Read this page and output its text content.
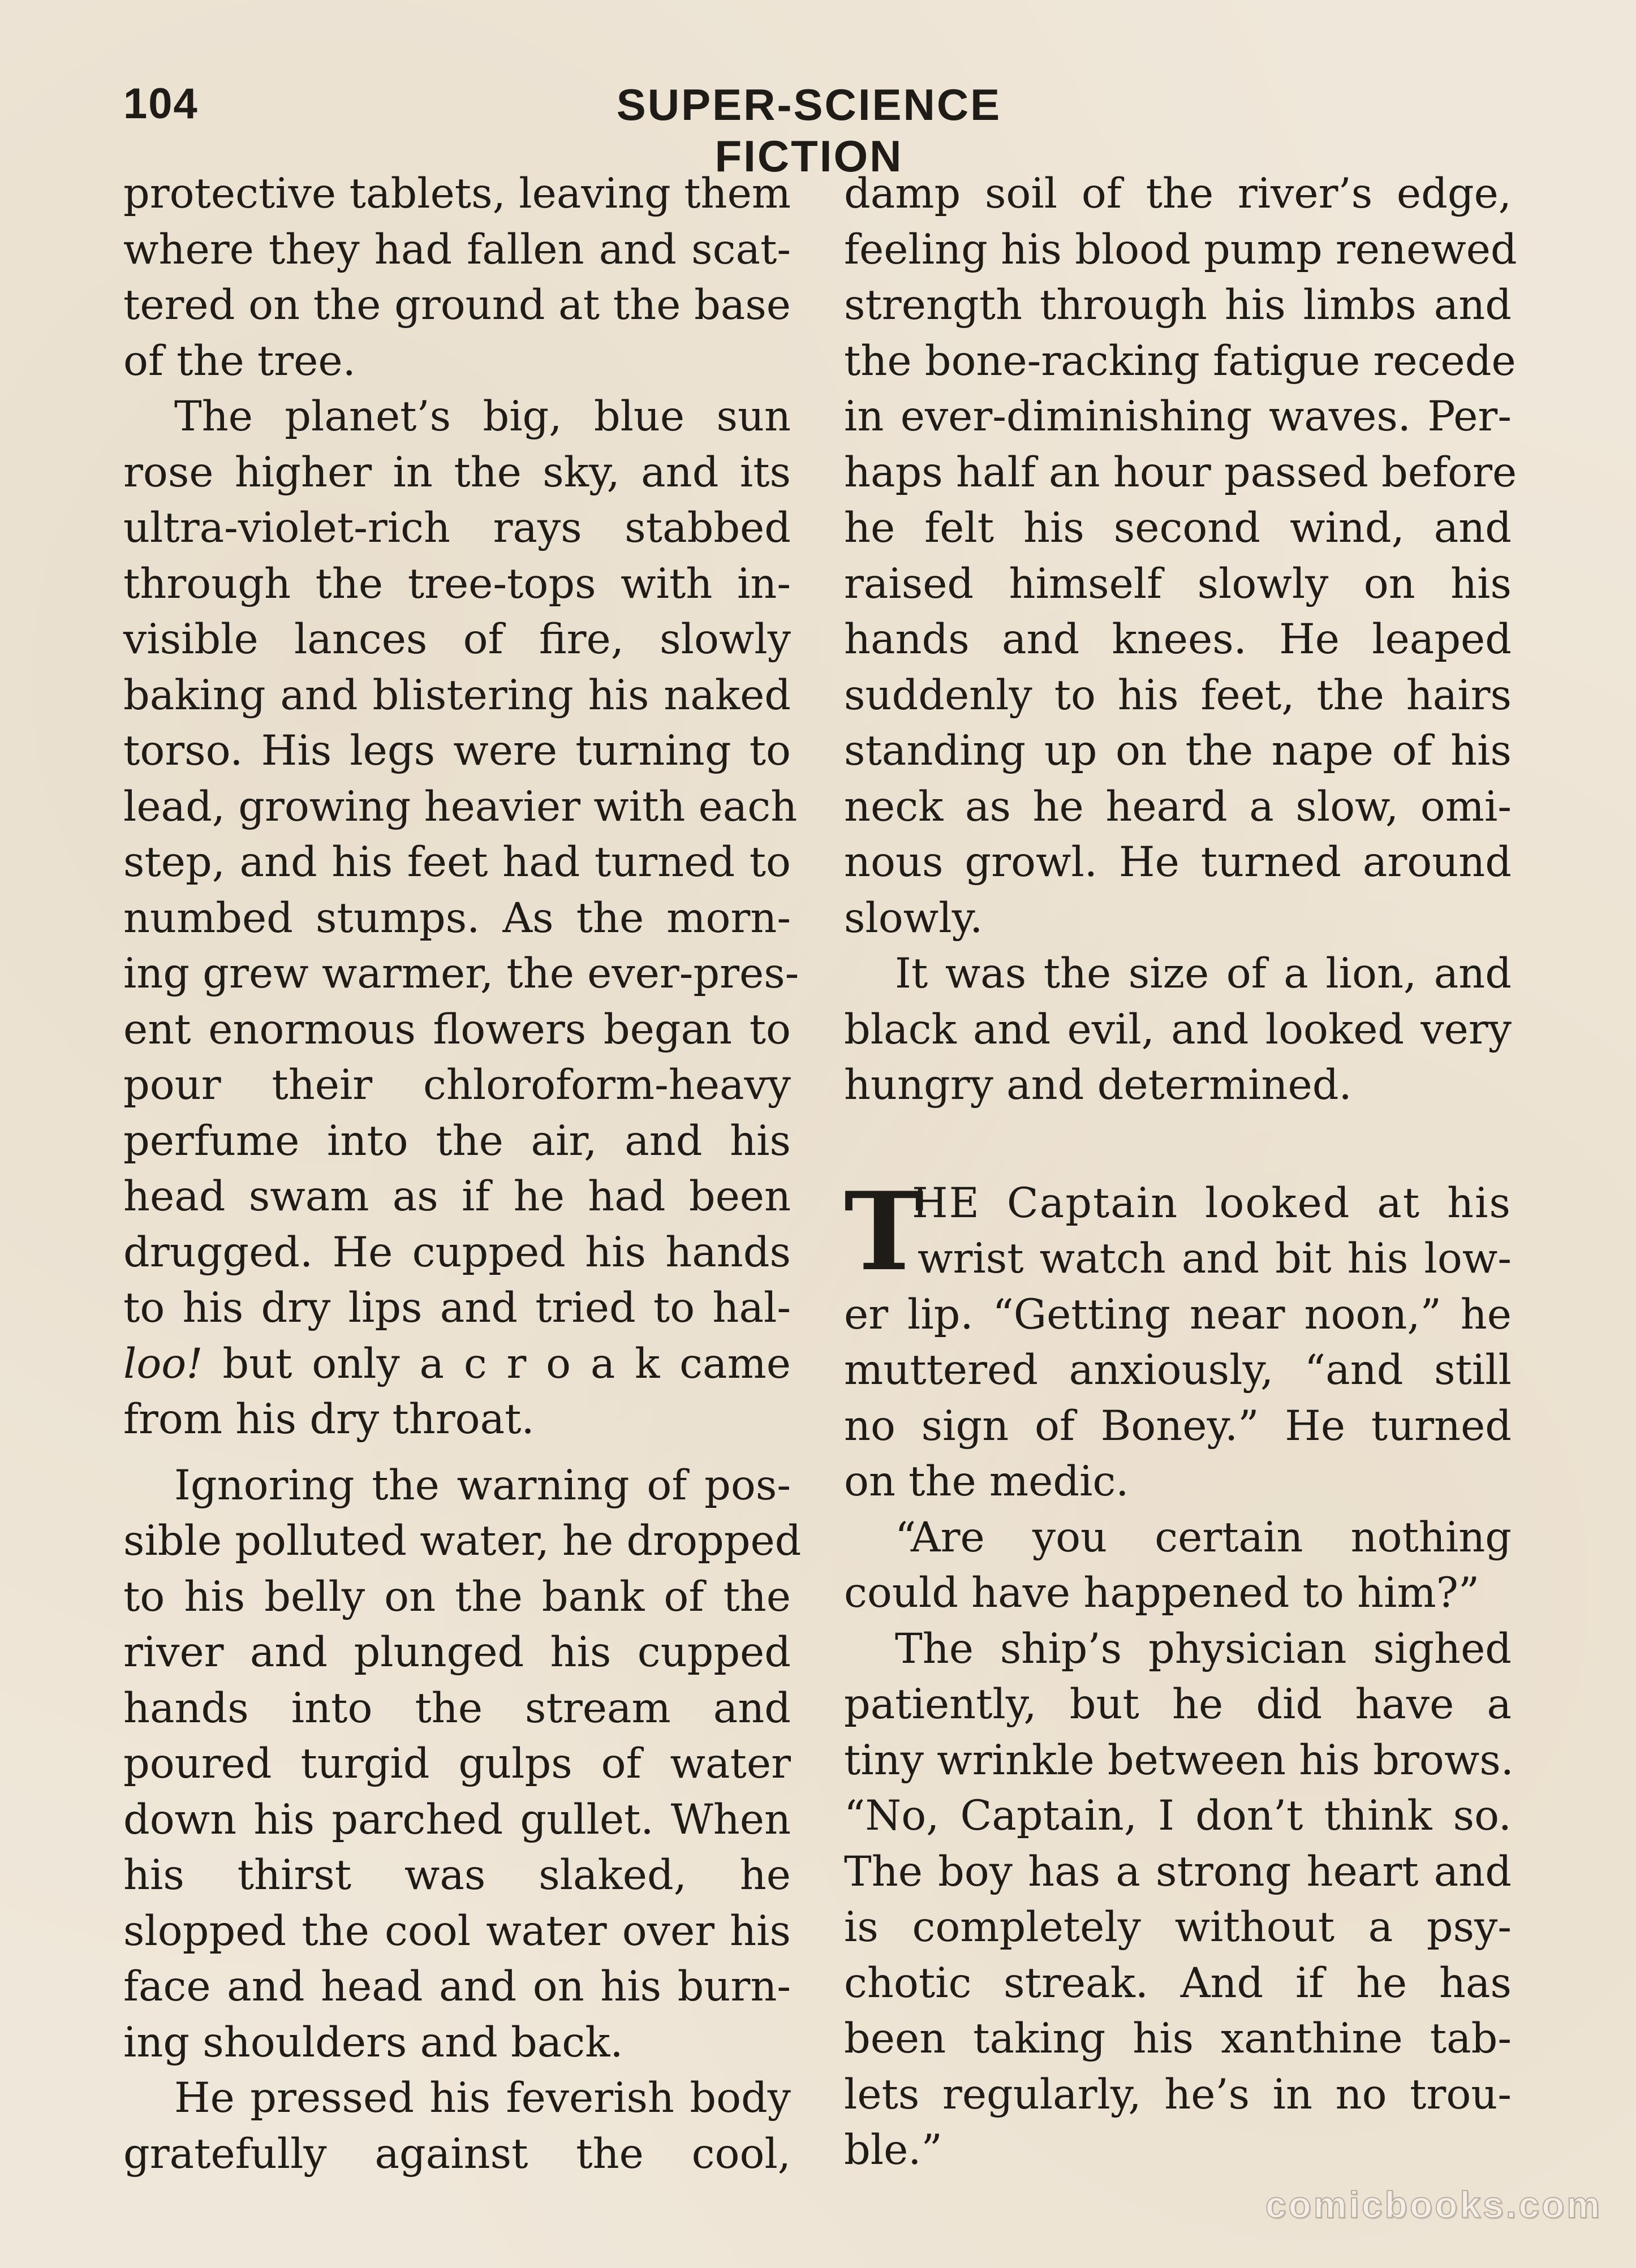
104	SUPER-SCIENCE FICTION
protective tablets, leaving them
where they had fallen and scat-
tered on the ground at the base
of the tree.
The planet’s big, blue sun
rose higher in the sky, and its
ultra-violet-rich rays stabbed
through the tree-tops with in-
visible lances of fire, slowly
baking and blistering his naked
torso. His legs were turning to
lead, growing heavier with each
step, and his feet had turned to
numbed stumps. As the morn-
ing grew warmer, the ever-pres-
ent enormous flowers began to
pour their chloroform-heavy
perfume into the air, and his
head swam as if he had been
drugged. He cupped his hands
to his dry lips and tried to hal-
loo! but only a c r o a k came
from his dry throat.
Ignoring the warning of pos-
sible polluted water, he dropped
to his belly on the bank of the
river and plunged his cupped
hands into the stream and
poured turgid gulps of water
down his parched gullet. When
his thirst was slaked, he
slopped the cool water over his
face and head and on his burn-
ing shoulders and back.
He pressed his feverish body
gratefully against the cool,
damp soil of the river’s edge,
feeling his blood pump renewed
strength through his limbs and
the bone-racking fatigue recede
in ever-diminishing waves. Per-
haps half an hour passed before
he felt his second wind, and
raised himself slowly on his
hands and knees. He leaped
suddenly to his feet, the hairs
standing up on the nape of his
neck as he heard a slow, omi-
nous growl. He turned around
slowly.
It was the size of a lion, and
black and evil, and looked very
hungry and determined.
T
HE Captain looked at his
wrist watch and bit his low-
er lip. “Getting near noon,” he
muttered anxiously, “and still
no sign of Boney.” He turned
on the medic.
“Are you certain nothing
could have happened to him?”
The ship’s physician sighed
patiently, but he did have a
tiny wrinkle between his brows.
“No, Captain, I don’t think so.
The boy has a strong heart and
is completely without a psy-
chotic streak. And if he has
been taking his xanthine tab-
lets regularly, he’s in no trou-
ble.”
comicbooks.com
